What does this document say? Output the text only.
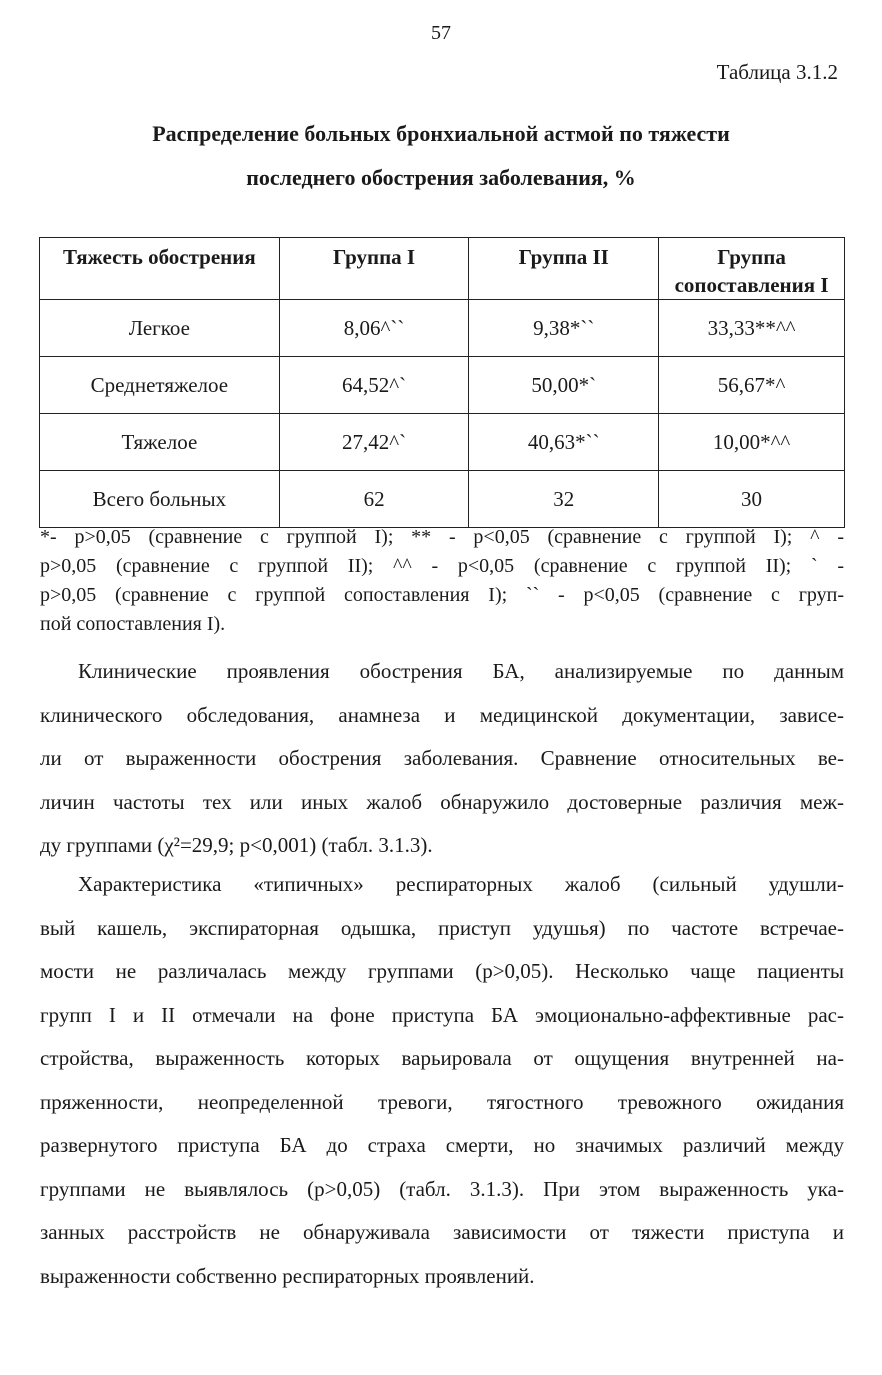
57
Таблица 3.1.2
Распределение больных бронхиальной астмой по тяжести
последнего обострения заболевания, %
Тяжесть обострения	Группа I	Группа II	Группа сопоставления I
Легкое	8,06^``	9,38*``	33,33**^^
Среднетяжелое	64,52^`	50,00*`	56,67*^
Тяжелое	27,42^`	40,63*``	10,00*^^
Всего больных	62	32	30
*- p>0,05 (сравнение с группой I); ** - p<0,05 (сравнение с группой I); ^ -
p>0,05 (сравнение с группой II); ^^ - p<0,05 (сравнение с группой II); ` -
p>0,05 (сравнение с группой сопоставления I); `` - p<0,05 (сравнение с груп-
пой сопоставления I).
Клинические проявления обострения БА, анализируемые по данным
клинического обследования, анамнеза и медицинской документации, зависе-
ли от выраженности обострения заболевания. Сравнение относительных ве-
личин частоты тех или иных жалоб обнаружило достоверные различия меж-
ду группами (χ²=29,9; p<0,001) (табл. 3.1.3).
Характеристика «типичных» респираторных жалоб (сильный удушли-
вый кашель, экспираторная одышка, приступ удушья) по частоте встречае-
мости не различалась между группами (p>0,05). Несколько чаще пациенты
групп I и II отмечали на фоне приступа БА эмоционально-аффективные рас-
стройства, выраженность которых варьировала от ощущения внутренней на-
пряженности, неопределенной тревоги, тягостного тревожного ожидания
развернутого приступа БА до страха смерти, но значимых различий между
группами не выявлялось (p>0,05) (табл. 3.1.3). При этом выраженность ука-
занных расстройств не обнаруживала зависимости от тяжести приступа и
выраженности собственно респираторных проявлений.
